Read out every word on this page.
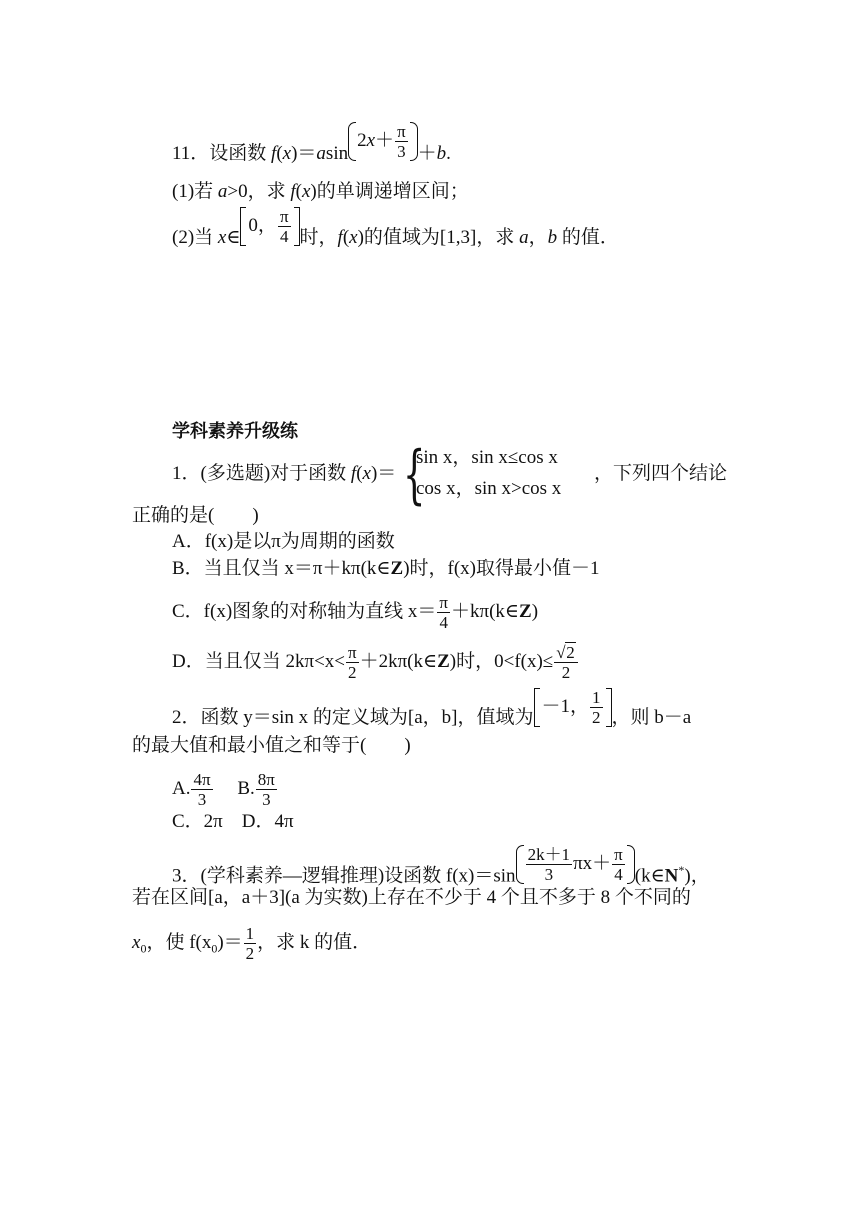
11．设函数 f(x)＝asin
$2x+ \frac{\pi}{3} +b$.
(1)若 a>0，求 f(x)的单调递增区间；
(2)当 x∈
0， $\frac{\pi}{4}$ 时，f(x)的值域为[1,3]，求 a，b 的值．
学科素养升级练
1．(多选题)对于函数 f(x)＝ {
sin x，sin x≤cos x
cos x，sin x>cos x
，下列四个结论
正确的是(　　)
A．f(x)是以π为周期的函数
B．当且仅当 x＝π＋kπ(k∈Z)时，f(x)取得最小值－1
C．f(x)图象的对称轴为直线 $x= \frac{\pi}{4}$ ＋kπ(k∈Z)
D．当且仅当 $2k\pi<x< \frac{\pi}{2}$ ＋2kπ(k∈Z)时，$0<f(x)\le \frac{√ 2}{2}$
2．函数 y＝sin x 的定义域为[a，b]，值域为
－1， $\frac{1}{2}$ ，则 b－a
的最大值和最小值之和等于(　　)
A. $\frac{4\pi}{3} B$. $\frac{8\pi}{3}$
C．2π　D．4π
3．(学科素养—逻辑推理)设函数 $f(x)=\sin \frac{2k+1}{3} \pi x+ \frac{\pi}{4}$ (k∈N*)，
若在区间[a，a＋3](a 为实数)上存在不少于 4 个且不多于 8 个不同的
$x_0$，使 $f(x_0)= \frac{1}{2}$ ，求 k 的值．
